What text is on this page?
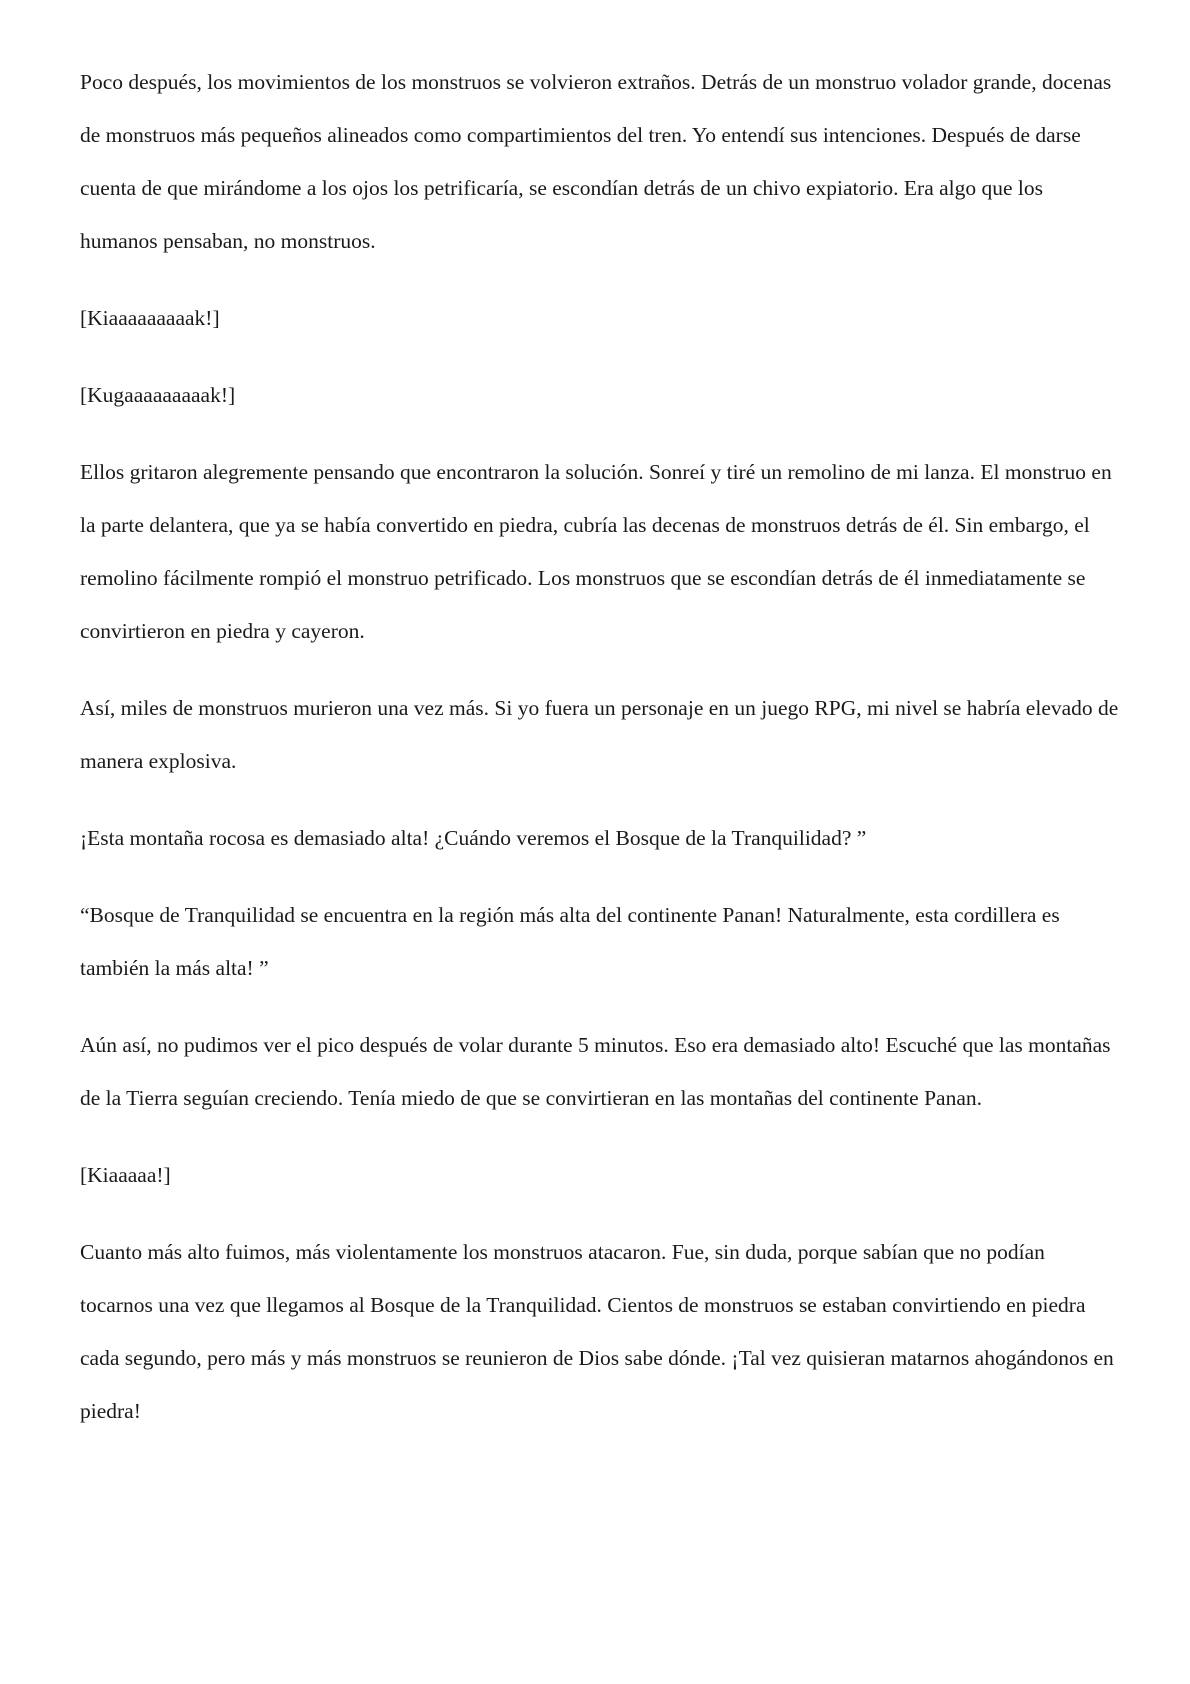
Poco después, los movimientos de los monstruos se volvieron extraños. Detrás de un monstruo volador grande, docenas de monstruos más pequeños alineados como compartimientos del tren. Yo entendí sus intenciones. Después de darse cuenta de que mirándome a los ojos los petrificaría, se escondían detrás de un chivo expiatorio. Era algo que los humanos pensaban, no monstruos.

[Kiaaaaaaaaak!]

[Kugaaaaaaaaak!]

Ellos gritaron alegremente pensando que encontraron la solución. Sonreí y tiré un remolino de mi lanza. El monstruo en la parte delantera, que ya se había convertido en piedra, cubría las decenas de monstruos detrás de él. Sin embargo, el remolino fácilmente rompió el monstruo petrificado. Los monstruos que se escondían detrás de él inmediatamente se convirtieron en piedra y cayeron.

Así, miles de monstruos murieron una vez más. Si yo fuera un personaje en un juego RPG, mi nivel se habría elevado de manera explosiva.

¡Esta montaña rocosa es demasiado alta! ¿Cuándo veremos el Bosque de la Tranquilidad? ”

“Bosque de Tranquilidad se encuentra en la región más alta del continente Panan! Naturalmente, esta cordillera es también la más alta! ”

Aún así, no pudimos ver el pico después de volar durante 5 minutos. Eso era demasiado alto! Escuché que las montañas de la Tierra seguían creciendo. Tenía miedo de que se convirtieran en las montañas del continente Panan.

[Kiaaaaa!]

Cuanto más alto fuimos, más violentamente los monstruos atacaron. Fue, sin duda, porque sabían que no podían tocarnos una vez que llegamos al Bosque de la Tranquilidad. Cientos de monstruos se estaban convirtiendo en piedra cada segundo, pero más y más monstruos se reunieron de Dios sabe dónde. ¡Tal vez quisieran matarnos ahogándonos en piedra!
